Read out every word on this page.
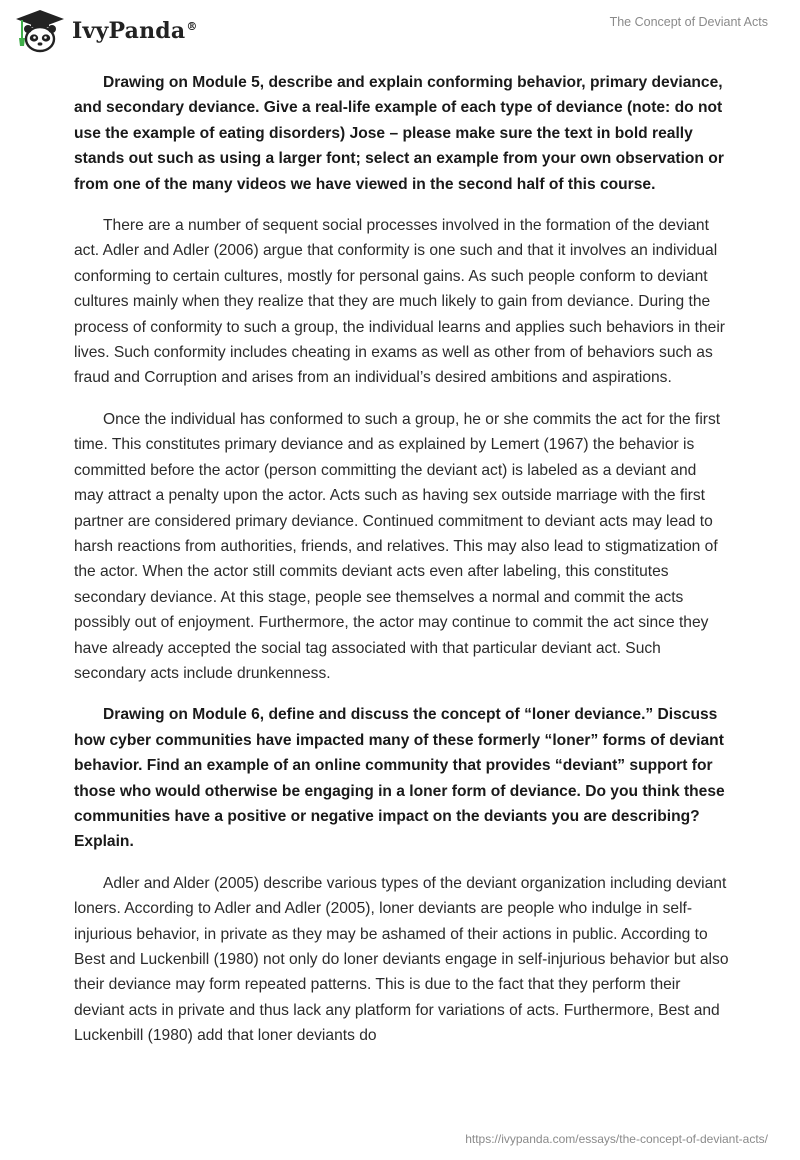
IvyPanda®	The Concept of Deviant Acts

Drawing on Module 5, describe and explain conforming behavior, primary deviance, and secondary deviance. Give a real-life example of each type of deviance (note: do not use the example of eating disorders) Jose – please make sure the text in bold really stands out such as using a larger font; select an example from your own observation or from one of the many videos we have viewed in the second half of this course.

There are a number of sequent social processes involved in the formation of the deviant act. Adler and Adler (2006) argue that conformity is one such and that it involves an individual conforming to certain cultures, mostly for personal gains. As such people conform to deviant cultures mainly when they realize that they are much likely to gain from deviance. During the process of conformity to such a group, the individual learns and applies such behaviors in their lives. Such conformity includes cheating in exams as well as other from of behaviors such as fraud and Corruption and arises from an individual’s desired ambitions and aspirations.

Once the individual has conformed to such a group, he or she commits the act for the first time. This constitutes primary deviance and as explained by Lemert (1967) the behavior is committed before the actor (person committing the deviant act) is labeled as a deviant and may attract a penalty upon the actor. Acts such as having sex outside marriage with the first partner are considered primary deviance. Continued commitment to deviant acts may lead to harsh reactions from authorities, friends, and relatives. This may also lead to stigmatization of the actor. When the actor still commits deviant acts even after labeling, this constitutes secondary deviance. At this stage, people see themselves a normal and commit the acts possibly out of enjoyment. Furthermore, the actor may continue to commit the act since they have already accepted the social tag associated with that particular deviant act. Such secondary acts include drunkenness.

Drawing on Module 6, define and discuss the concept of “loner deviance.” Discuss how cyber communities have impacted many of these formerly “loner” forms of deviant behavior. Find an example of an online community that provides “deviant” support for those who would otherwise be engaging in a loner form of deviance. Do you think these communities have a positive or negative impact on the deviants you are describing? Explain.

Adler and Alder (2005) describe various types of the deviant organization including deviant loners. According to Adler and Adler (2005), loner deviants are people who indulge in self-injurious behavior, in private as they may be ashamed of their actions in public. According to Best and Luckenbill (1980) not only do loner deviants engage in self-injurious behavior but also their deviance may form repeated patterns. This is due to the fact that they perform their deviant acts in private and thus lack any platform for variations of acts. Furthermore, Best and Luckenbill (1980) add that loner deviants do

https://ivypanda.com/essays/the-concept-of-deviant-acts/
